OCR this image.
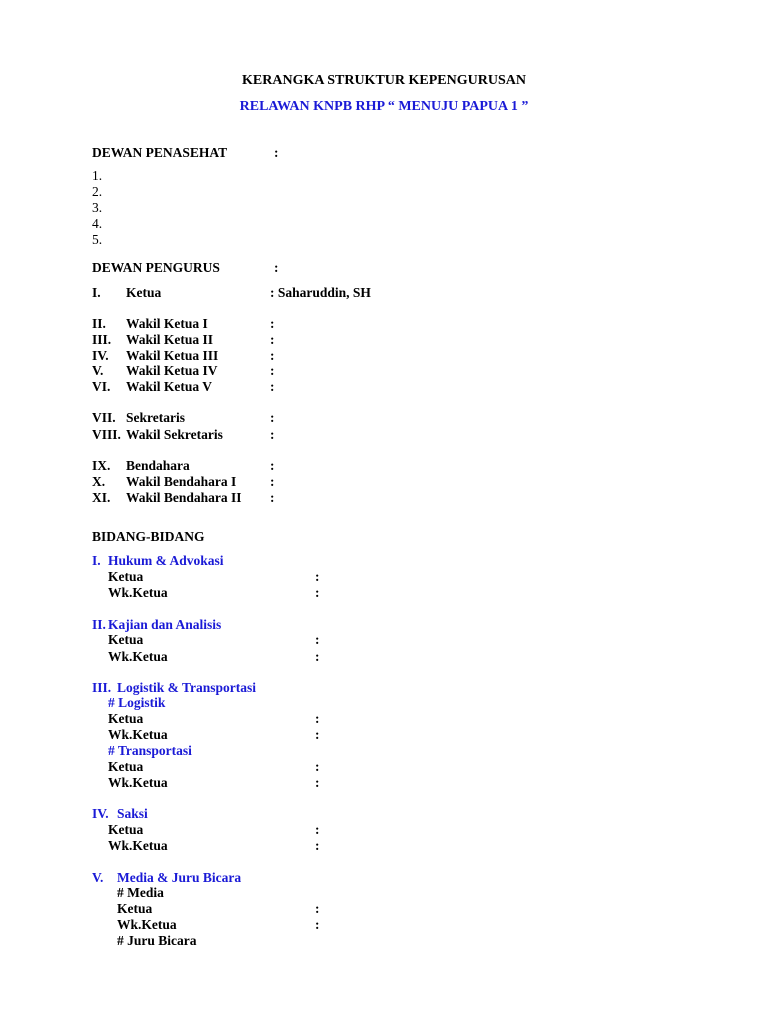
KERANGKA STRUKTUR KEPENGURUSAN
RELAWAN KNPB RHP “ MENUJU PAPUA 1 ”
DEWAN PENASEHAT	:
1.
2.
3.
4.
5.
DEWAN PENGURUS	:
I. Ketua	: Saharuddin, SH
II. Wakil Ketua I	:
III. Wakil Ketua II	:
IV. Wakil Ketua III	:
V. Wakil Ketua IV	:
VI. Wakil Ketua V	:
VII. Sekretaris	:
VIII. Wakil Sekretaris	:
IX. Bendahara	:
X. Wakil Bendahara I :
XI. Wakil Bendahara II :
BIDANG-BIDANG
I. Hukum & Advokasi
Ketua	:
Wk.Ketua	:
II. Kajian dan Analisis
Ketua	:
Wk.Ketua	:
III. Logistik & Transportasi
# Logistik
Ketua	:
Wk.Ketua	:
# Transportasi
Ketua	:
Wk.Ketua	:
IV. Saksi
Ketua	:
Wk.Ketua	:
V. Media & Juru Bicara
# Media
Ketua	:
Wk.Ketua	:
# Juru Bicara
